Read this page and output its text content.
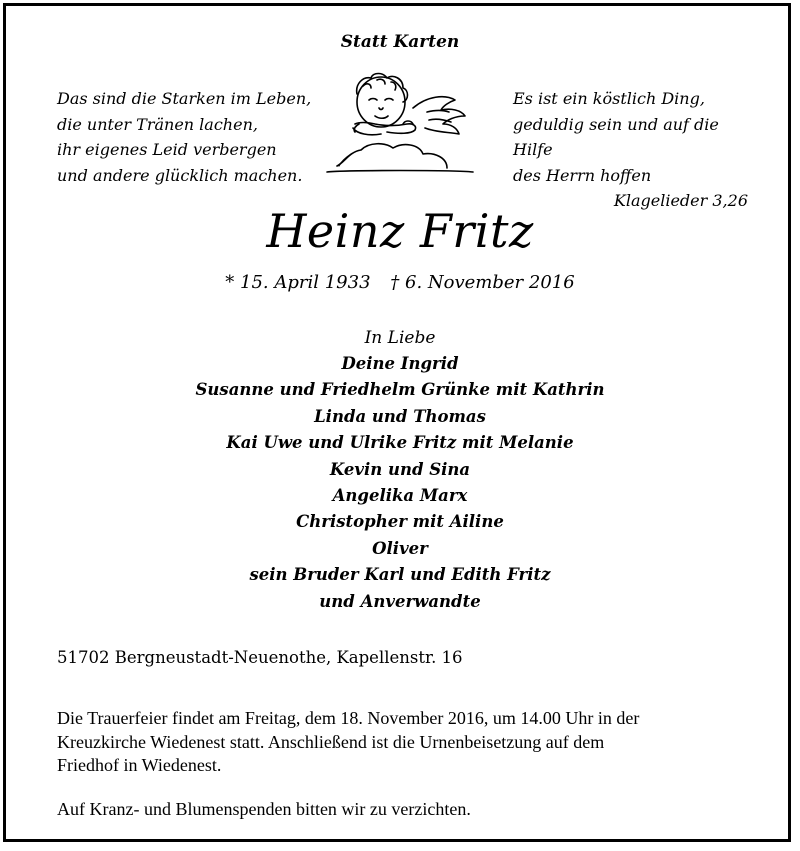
Statt Karten
Das sind die Starken im Leben,
die unter Tränen lachen,
ihr eigenes Leid verbergen
und andere glücklich machen.
Es ist ein köstlich Ding,
geduldig sein und auf die Hilfe
des Herrn hoffen
Klagelieder 3,26
Heinz Fritz
* 15. April 1933 † 6. November 2016
In Liebe
Deine Ingrid
Susanne und Friedhelm Grünke mit Kathrin
Linda und Thomas
Kai Uwe und Ulrike Fritz mit Melanie
Kevin und Sina
Angelika Marx
Christopher mit Ailine
Oliver
sein Bruder Karl und Edith Fritz
und Anverwandte
51702 Bergneustadt-Neuenothe, Kapellenstr. 16
Die Trauerfeier findet am Freitag, dem 18. November 2016, um 14.00 Uhr in der
Kreuzkirche Wiedenest statt. Anschließend ist die Urnenbeisetzung auf dem
Friedhof in Wiedenest.
Auf Kranz- und Blumenspenden bitten wir zu verzichten.
